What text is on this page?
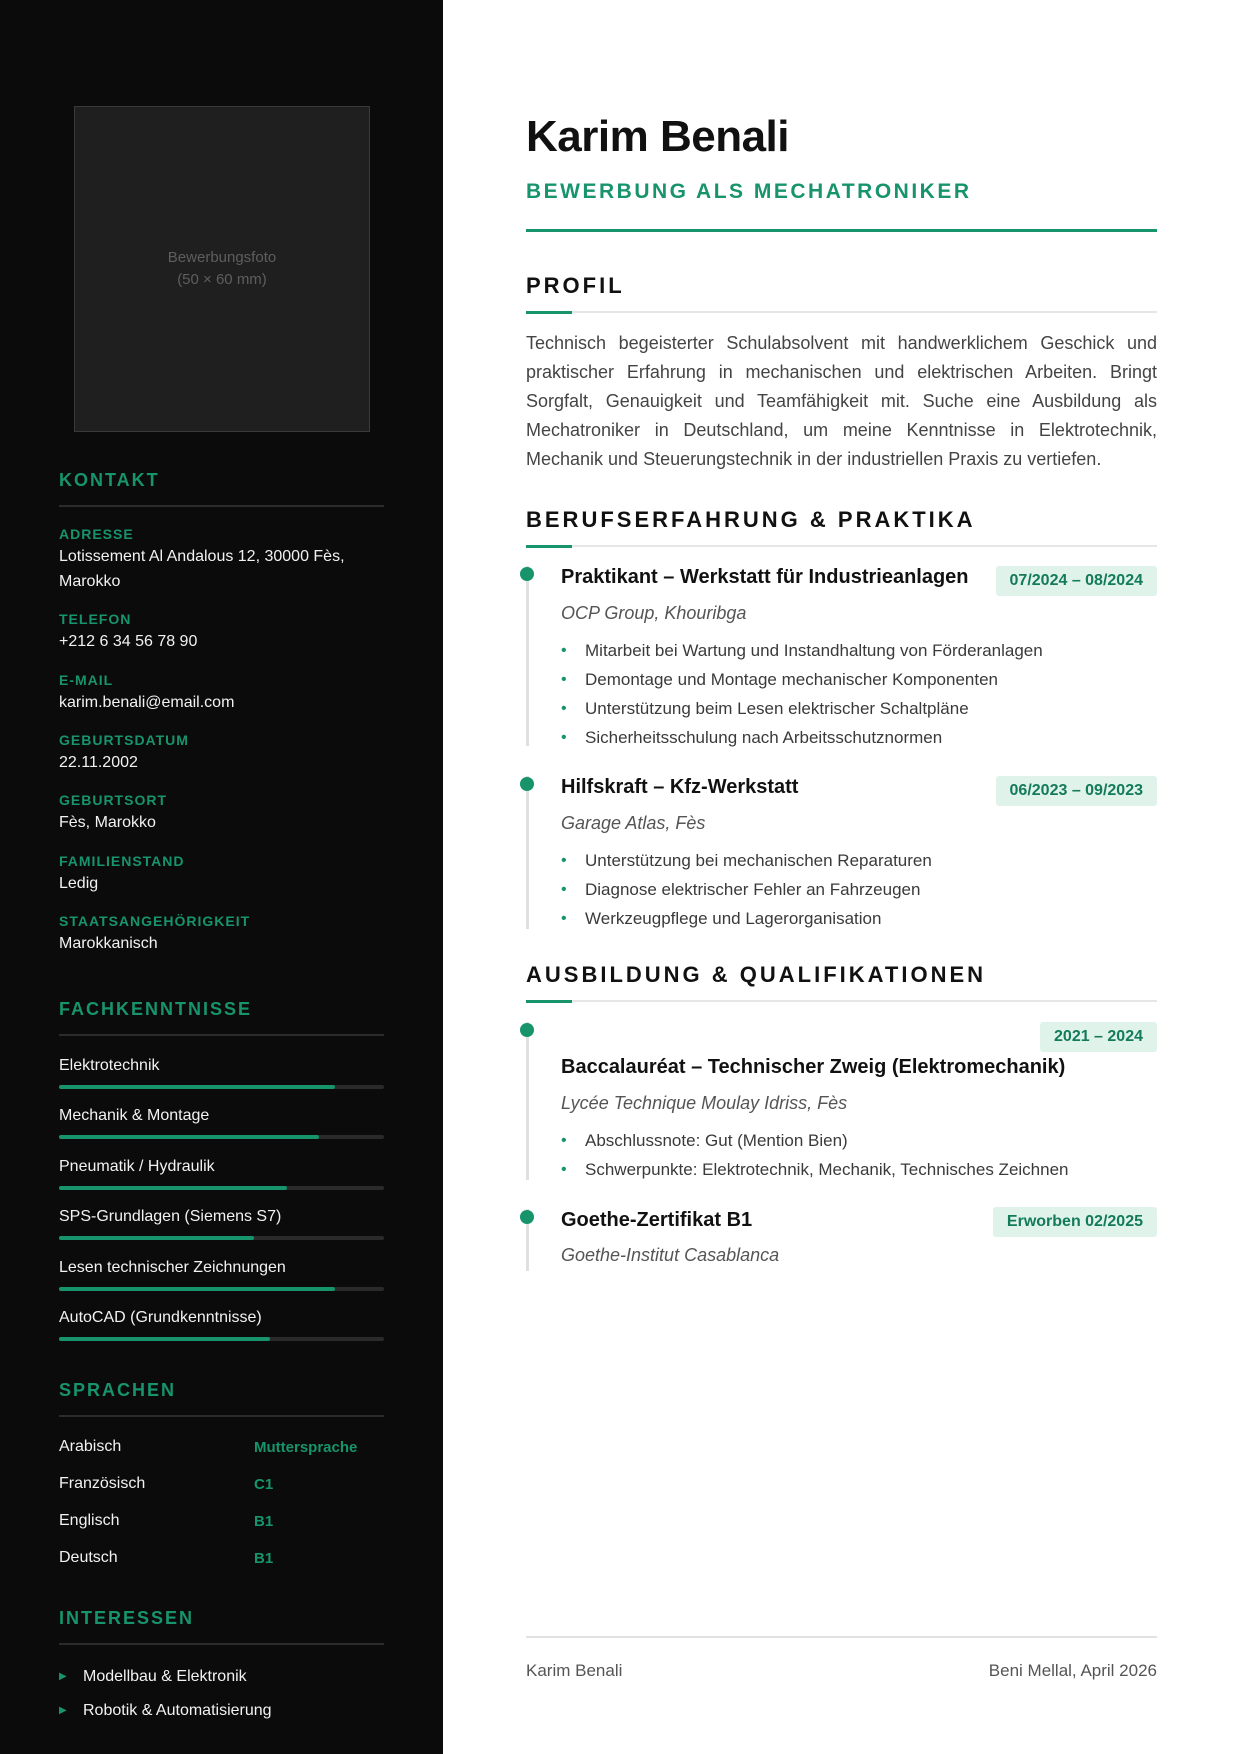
Bewerbungsfoto
(50 × 60 mm)
KONTAKT
ADRESSE
Lotissement Al Andalous 12, 30000 Fès, Marokko
TELEFON
+212 6 34 56 78 90
E-MAIL
karim.benali@email.com
GEBURTSDATUM
22.11.2002
GEBURTSORT
Fès, Marokko
FAMILIENSTAND
Ledig
STAATSANGEHÖRIGKEIT
Marokkanisch
FACHKENNTNISSE
Elektrotechnik
Mechanik & Montage
Pneumatik / Hydraulik
SPS-Grundlagen (Siemens S7)
Lesen technischer Zeichnungen
AutoCAD (Grundkenntnisse)
SPRACHEN
Arabisch	Muttersprache
Französisch	C1
Englisch	B1
Deutsch	B1
INTERESSEN
▶ Modellbau & Elektronik
▶ Robotik & Automatisierung
Karim Benali
BEWERBUNG ALS MECHATRONIKER
PROFIL
Technisch begeisterter Schulabsolvent mit handwerklichem Geschick und praktischer Erfahrung in mechanischen und elektrischen Arbeiten. Bringt Sorgfalt, Genauigkeit und Teamfähigkeit mit. Suche eine Ausbildung als Mechatroniker in Deutschland, um meine Kenntnisse in Elektrotechnik, Mechanik und Steuerungstechnik in der industriellen Praxis zu vertiefen.
BERUFSERFAHRUNG & PRAKTIKA
Praktikant – Werkstatt für Industrieanlagen	07/2024 – 08/2024
OCP Group, Khouribga
• Mitarbeit bei Wartung und Instandhaltung von Förderanlagen
• Demontage und Montage mechanischer Komponenten
• Unterstützung beim Lesen elektrischer Schaltpläne
• Sicherheitsschulung nach Arbeitsschutznormen
Hilfskraft – Kfz-Werkstatt	06/2023 – 09/2023
Garage Atlas, Fès
• Unterstützung bei mechanischen Reparaturen
• Diagnose elektrischer Fehler an Fahrzeugen
• Werkzeugpflege und Lagerorganisation
AUSBILDUNG & QUALIFIKATIONEN
2021 – 2024
Baccalauréat – Technischer Zweig (Elektromechanik)
Lycée Technique Moulay Idriss, Fès
• Abschlussnote: Gut (Mention Bien)
• Schwerpunkte: Elektrotechnik, Mechanik, Technisches Zeichnen
Goethe-Zertifikat B1	Erworben 02/2025
Goethe-Institut Casablanca
Karim Benali	Beni Mellal, April 2026
